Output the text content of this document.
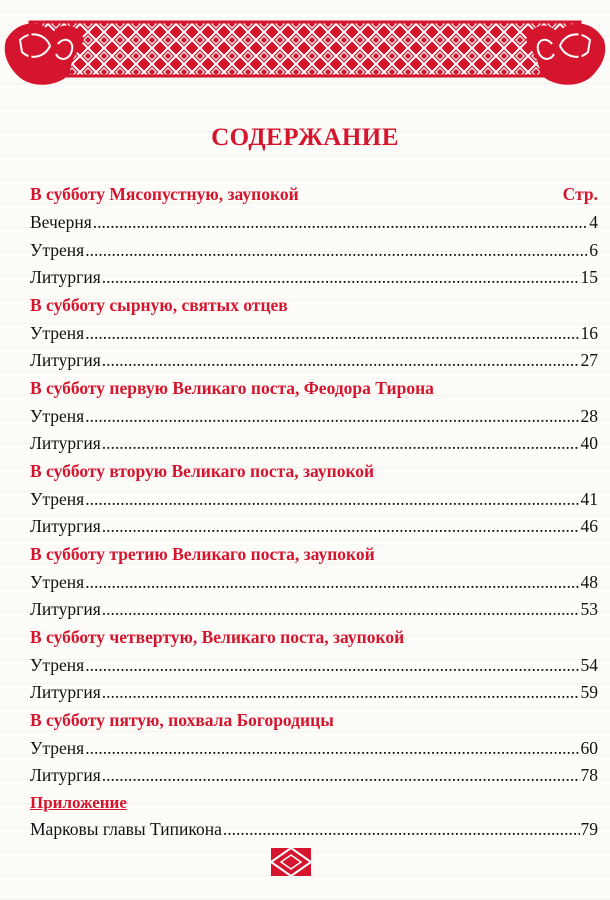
СОДЕРЖАНИЕ
В субботу Мясопустную, заупокой	Стр.
Вечерня .....	4
Утреня .....	6
Литургия .....	15
В субботу сырную, святых отцев
Утреня .....	16
Литургия .....	27
В субботу первую Великаго поста, Феодора Тирона
Утреня .....	28
Литургия .....	40
В субботу вторую Великаго поста, заупокой
Утреня .....	41
Литургия .....	46
В субботу третию Великаго поста, заупокой
Утреня .....	48
Литургия .....	53
В субботу четвертую, Великаго поста, заупокой
Утреня .....	54
Литургия .....	59
В субботу пятую, похвала Богородицы
Утреня .....	60
Литургия .....	78
Приложение
Марковы главы Типикона .....	79
